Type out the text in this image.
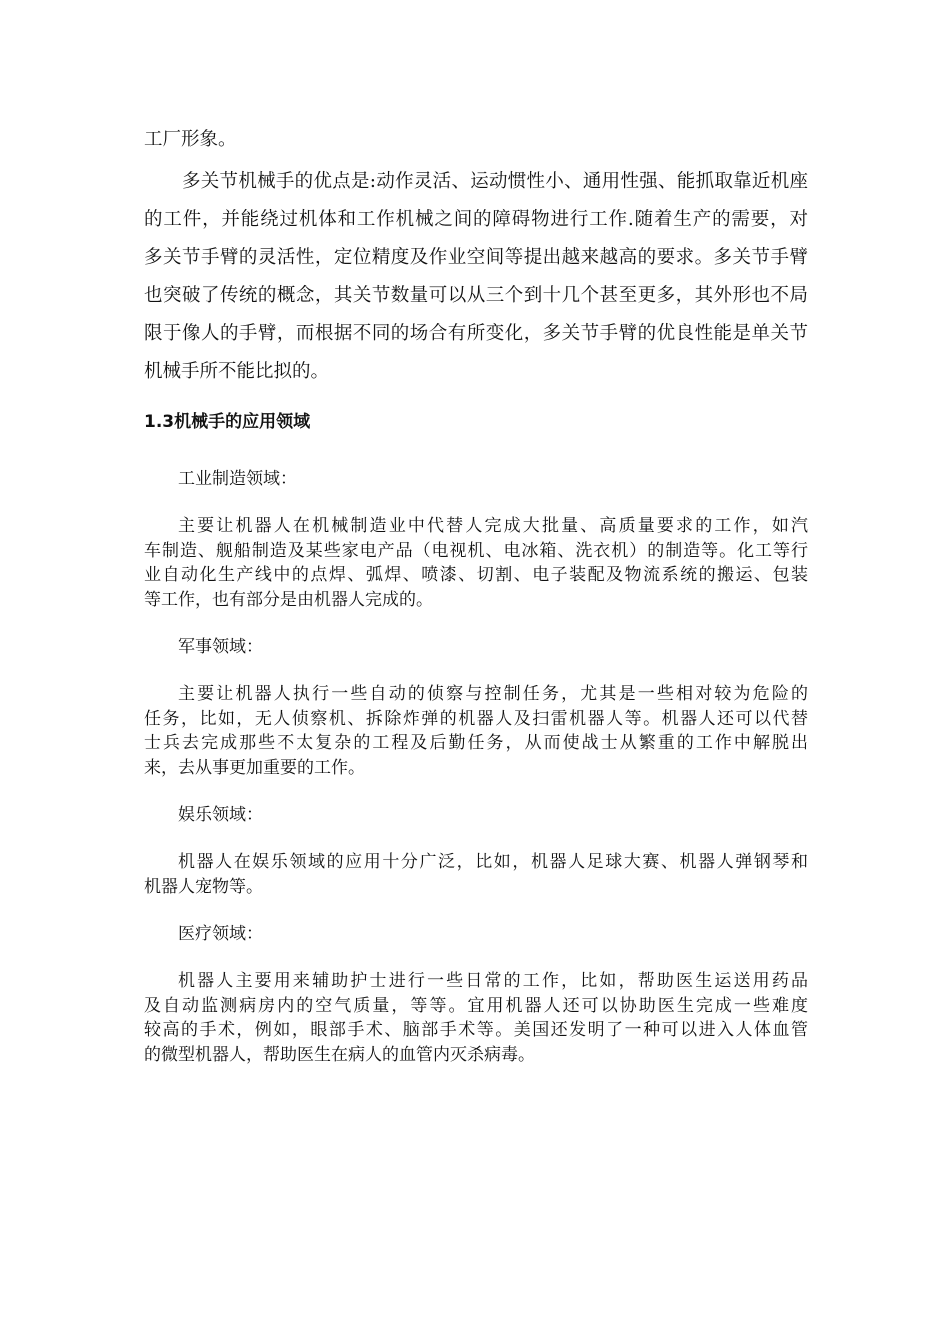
工厂形象。
多关节机械手的优点是:动作灵活、运动惯性小、通用性强、能抓取靠近机座
的工件，并能绕过机体和工作机械之间的障碍物进行工作.随着生产的需要，对
多关节手臂的灵活性，定位精度及作业空间等提出越来越高的要求。多关节手臂
也突破了传统的概念，其关节数量可以从三个到十几个甚至更多，其外形也不局
限于像人的手臂，而根据不同的场合有所变化，多关节手臂的优良性能是单关节
机械手所不能比拟的。
1.3机械手的应用领域
工业制造领域：
主要让机器人在机械制造业中代替人完成大批量、高质量要求的工作，如汽
车制造、舰船制造及某些家电产品（电视机、电冰箱、洗衣机）的制造等。化工等行
业自动化生产线中的点焊、弧焊、喷漆、切割、电子装配及物流系统的搬运、包装
等工作，也有部分是由机器人完成的。
军事领域：
主要让机器人执行一些自动的侦察与控制任务，尤其是一些相对较为危险的
任务，比如，无人侦察机、拆除炸弹的机器人及扫雷机器人等。机器人还可以代替
士兵去完成那些不太复杂的工程及后勤任务，从而使战士从繁重的工作中解脱出
来，去从事更加重要的工作。
娱乐领域：
机器人在娱乐领域的应用十分广泛，比如，机器人足球大赛、机器人弹钢琴和
机器人宠物等。
医疗领域：
机器人主要用来辅助护士进行一些日常的工作，比如，帮助医生运送用药品
及自动监测病房内的空气质量，等等。宜用机器人还可以协助医生完成一些难度
较高的手术，例如，眼部手术、脑部手术等。美国还发明了一种可以进入人体血管
的微型机器人，帮助医生在病人的血管内灭杀病毒。
